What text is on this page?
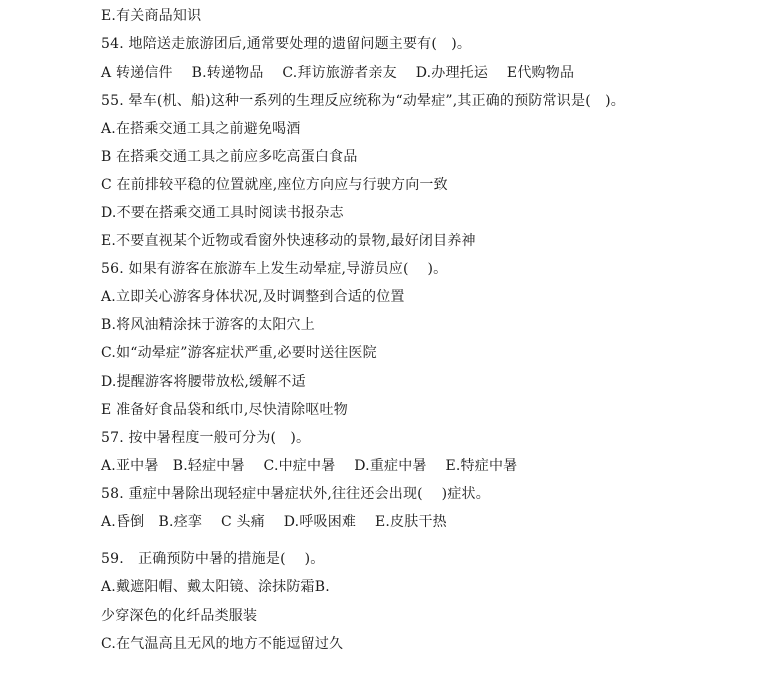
E.有关商品知识
54. 地陪送走旅游团后,通常要处理的遗留问题主要有(　)。
A 转递信件　 B.转递物品　 C.拜访旅游者亲友　 D.办理托运　 E代购物品
55. 晕车(机、船)这种一系列的生理反应统称为“动晕症”,其正确的预防常识是(　)。
A.在搭乘交通工具之前避免喝酒
B 在搭乘交通工具之前应多吃高蛋白食品
C 在前排较平稳的位置就座,座位方向应与行驶方向一致
D.不要在搭乘交通工具时阅读书报杂志
E.不要直视某个近物或看窗外快速移动的景物,最好闭目养神
56. 如果有游客在旅游车上发生动晕症,导游员应(　 )。
A.立即关心游客身体状况,及时调整到合适的位置
B.将风油精涂抹于游客的太阳穴上
C.如“动晕症”游客症状严重,必要时送往医院
D.提醒游客将腰带放松,缓解不适
E 准备好食品袋和纸巾,尽快清除呕吐物
57. 按中暑程度一般可分为(　)。
A.亚中暑　B.轻症中暑　 C.中症中暑　 D.重症中暑　 E.特症中暑
58. 重症中暑除出现轻症中暑症状外,往往还会出现(　 )症状。
A.昏倒　B.痉挛　 C 头痛　 D.呼吸困难　 E.皮肤干热
59.　正确预防中暑的措施是(　 )。
A.戴遮阳帽、戴太阳镜、涂抹防霜B.
少穿深色的化纤品类服装
C.在气温高且无风的地方不能逗留过久
